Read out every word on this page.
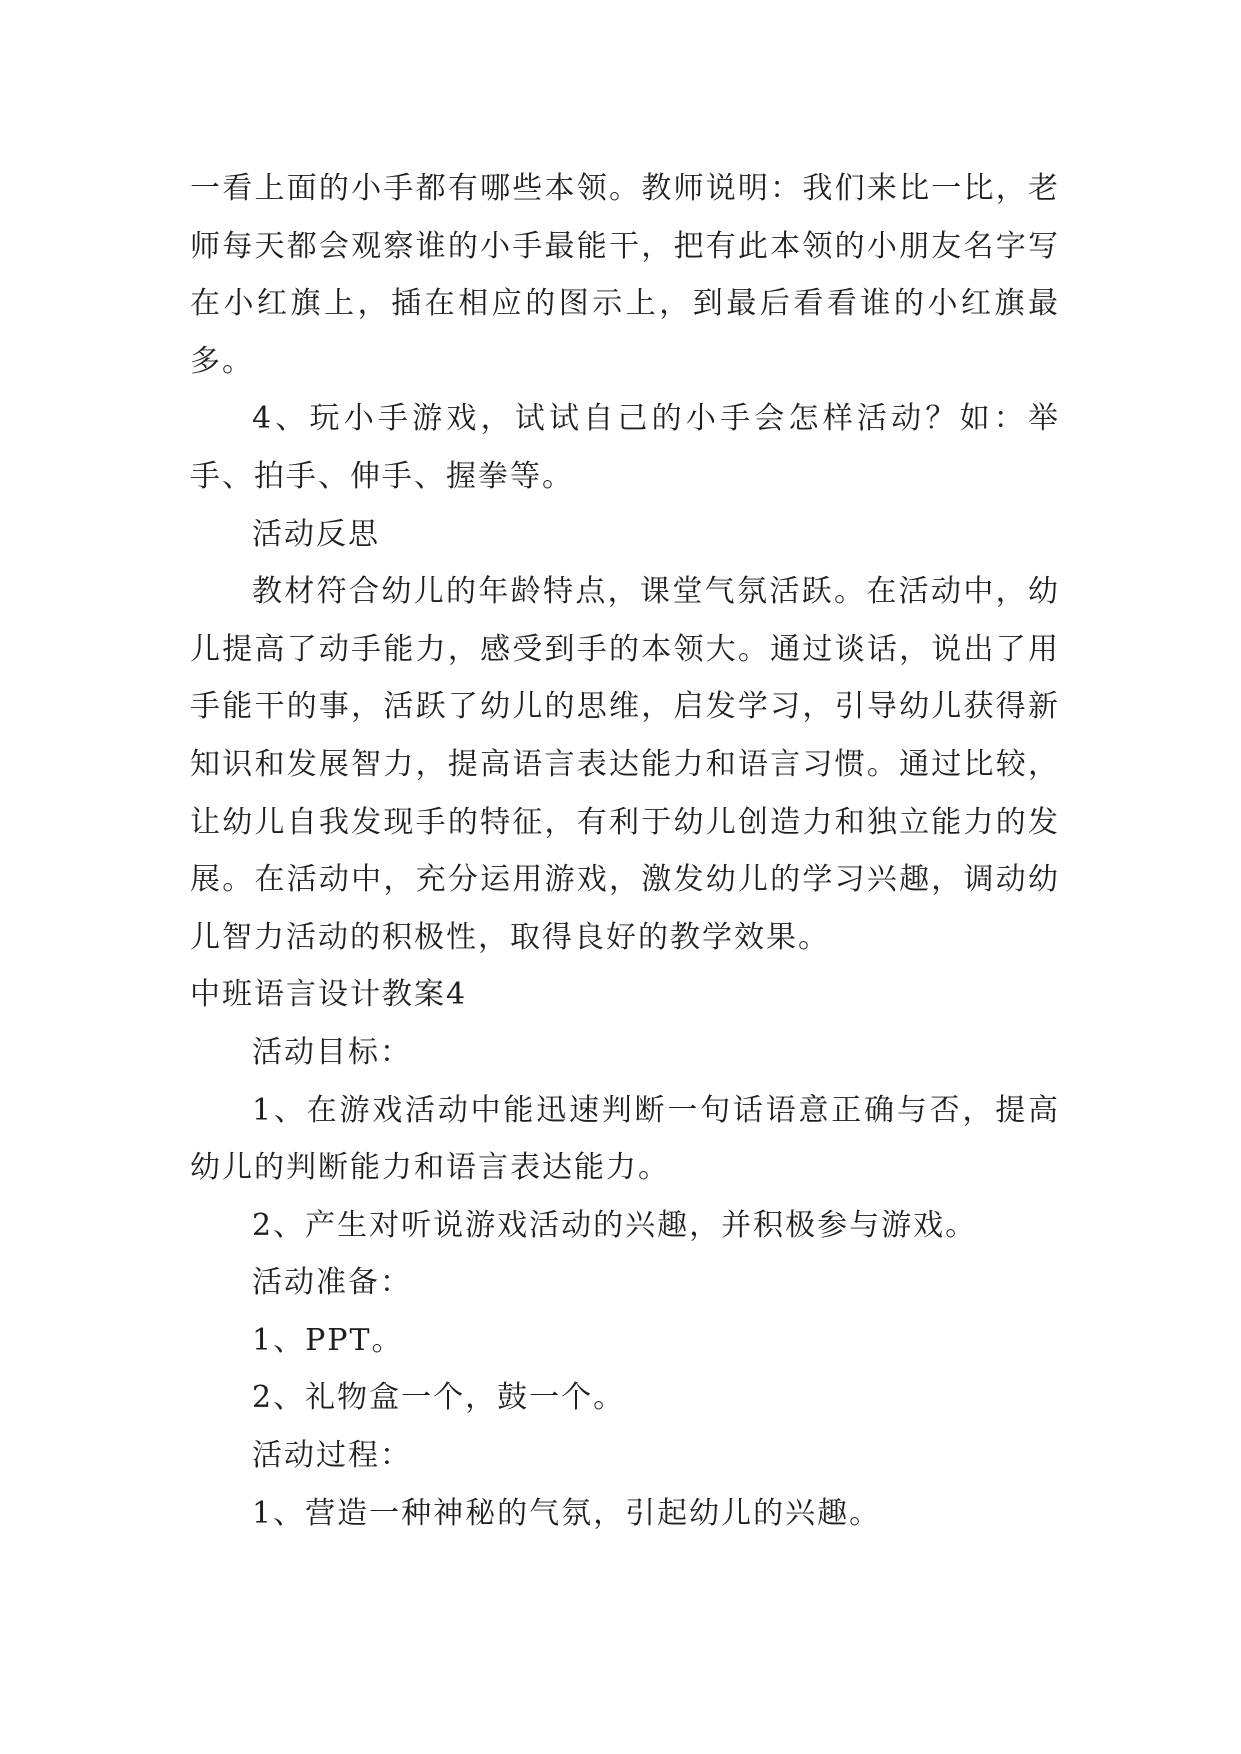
一看上面的小手都有哪些本领。教师说明：我们来比一比，老师每天都会观察谁的小手最能干，把有此本领的小朋友名字写在小红旗上，插在相应的图示上，到最后看看谁的小红旗最多。

4、玩小手游戏，试试自己的小手会怎样活动？如：举手、拍手、伸手、握拳等。

活动反思

教材符合幼儿的年龄特点，课堂气氛活跃。在活动中，幼儿提高了动手能力，感受到手的本领大。通过谈话，说出了用手能干的事，活跃了幼儿的思维，启发学习，引导幼儿获得新知识和发展智力，提高语言表达能力和语言习惯。通过比较，让幼儿自我发现手的特征，有利于幼儿创造力和独立能力的发展。在活动中，充分运用游戏，激发幼儿的学习兴趣，调动幼儿智力活动的积极性，取得良好的教学效果。

中班语言设计教案4

活动目标：

1、在游戏活动中能迅速判断一句话语意正确与否，提高幼儿的判断能力和语言表达能力。

2、产生对听说游戏活动的兴趣，并积极参与游戏。

活动准备：

1、PPT。

2、礼物盒一个，鼓一个。

活动过程：

1、营造一种神秘的气氛，引起幼儿的兴趣。
